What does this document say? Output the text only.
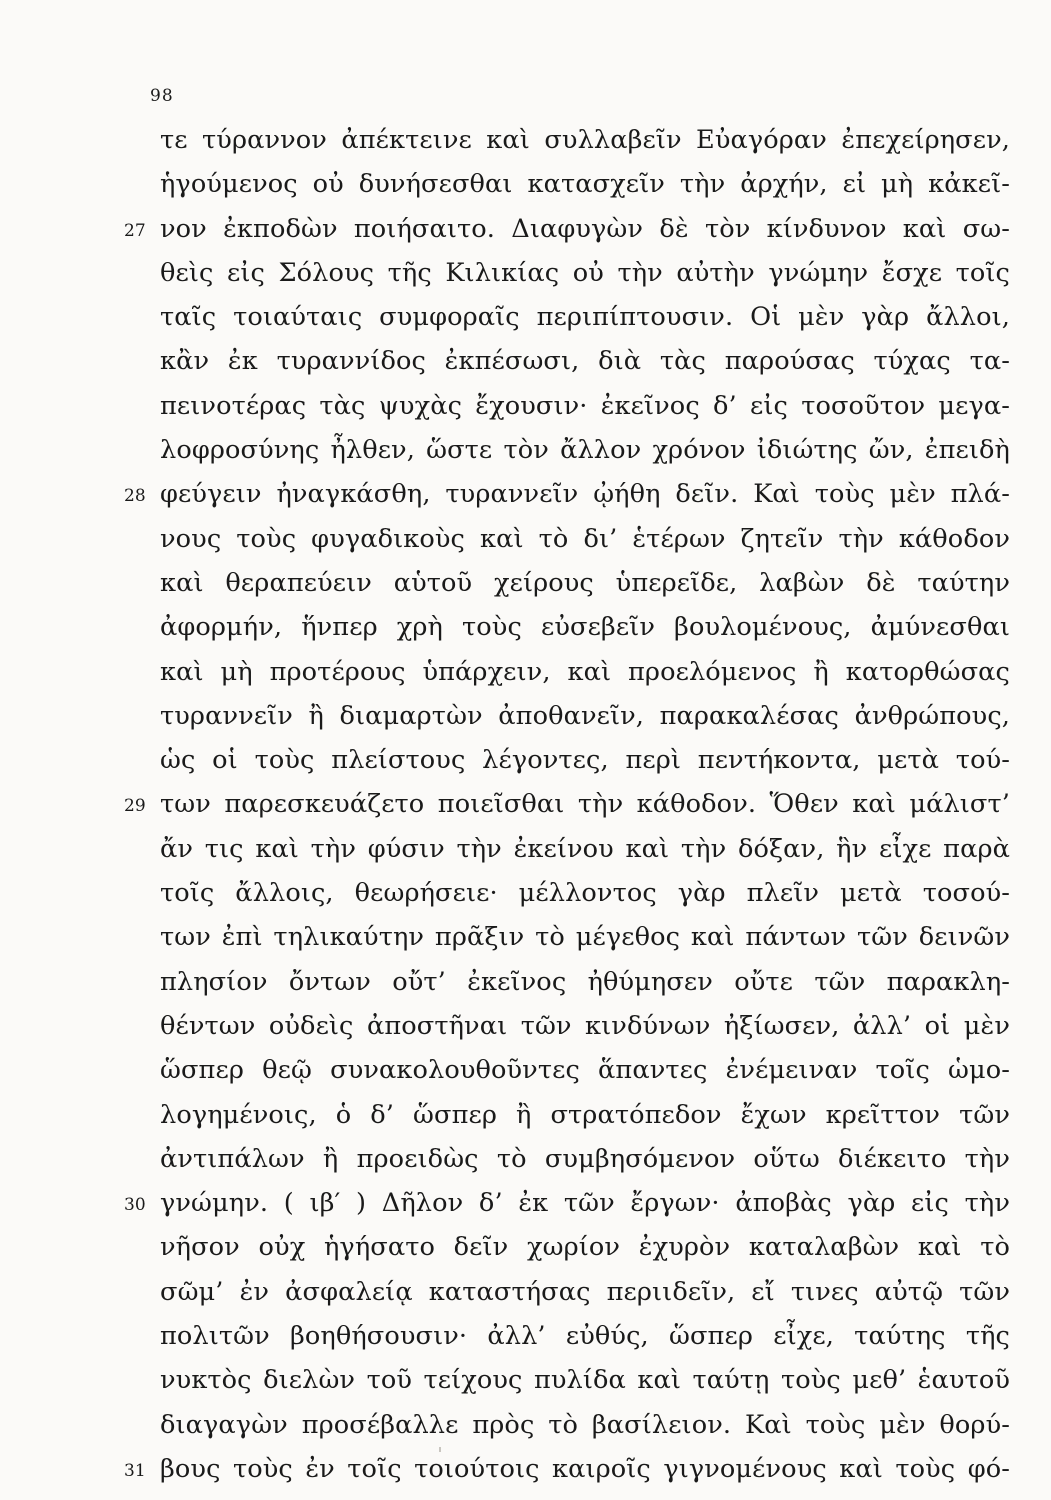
98
τε τύραννον ἀπέκτεινε καὶ συλλαβεῖν Εὐαγόραν ἐπεχείρησεν,
ἡγούμενος οὐ δυνήσεσθαι κατασχεῖν τὴν ἀρχήν, εἰ μὴ κἀκεῖ-
27 νον ἐκποδὼν ποιήσαιτο. Διαφυγὼν δὲ τὸν κίνδυνον καὶ σω-
θεὶς εἰς Σόλους τῆς Κιλικίας οὐ τὴν αὐτὴν γνώμην ἔσχε τοῖς
ταῖς τοιαύταις συμφοραῖς περιπίπτουσιν. Οἱ μὲν γὰρ ἄλλοι,
κἂν ἐκ τυραννίδος ἐκπέσωσι, διὰ τὰς παρούσας τύχας τα-
πεινοτέρας τὰς ψυχὰς ἔχουσιν· ἐκεῖνος δ’ εἰς τοσοῦτον μεγα-
λοφροσύνης ἦλθεν, ὥστε τὸν ἄλλον χρόνον ἰδιώτης ὤν, ἐπειδὴ
28 φεύγειν ἠναγκάσθη, τυραννεῖν ᾠήθη δεῖν. Καὶ τοὺς μὲν πλά-
νους τοὺς φυγαδικοὺς καὶ τὸ δι’ ἑτέρων ζητεῖν τὴν κάθοδον
καὶ θεραπεύειν αὑτοῦ χείρους ὑπερεῖδε, λαβὼν δὲ ταύτην
ἀφορμήν, ἥνπερ χρὴ τοὺς εὐσεβεῖν βουλομένους, ἀμύνεσθαι
καὶ μὴ προτέρους ὑπάρχειν, καὶ προελόμενος ἢ κατορθώσας
τυραννεῖν ἢ διαμαρτὼν ἀποθανεῖν, παρακαλέσας ἀνθρώπους,
ὡς οἱ τοὺς πλείστους λέγοντες, περὶ πεντήκοντα, μετὰ τού-
29 των παρεσκευάζετο ποιεῖσθαι τὴν κάθοδον. Ὅθεν καὶ μάλιστ’
ἄν τις καὶ τὴν φύσιν τὴν ἐκείνου καὶ τὴν δόξαν, ἣν εἶχε παρὰ
τοῖς ἄλλοις, θεωρήσειε· μέλλοντος γὰρ πλεῖν μετὰ τοσού-
των ἐπὶ τηλικαύτην πρᾶξιν τὸ μέγεθος καὶ πάντων τῶν δεινῶν
πλησίον ὄντων οὔτ’ ἐκεῖνος ἠθύμησεν οὔτε τῶν παρακλη-
θέντων οὐδεὶς ἀποστῆναι τῶν κινδύνων ἠξίωσεν, ἀλλ’ οἱ μὲν
ὥσπερ θεῷ συνακολουθοῦντες ἅπαντες ἐνέμειναν τοῖς ὡμο-
λογημένοις, ὁ δ’ ὥσπερ ἢ στρατόπεδον ἔχων κρεῖττον τῶν
ἀντιπάλων ἢ προειδὼς τὸ συμβησόμενον οὕτω διέκειτο τὴν
30 γνώμην. ( ιβ′ ) Δῆλον δ’ ἐκ τῶν ἔργων· ἀποβὰς γὰρ εἰς τὴν
νῆσον οὐχ ἡγήσατο δεῖν χωρίον ἐχυρὸν καταλαβὼν καὶ τὸ
σῶμ’ ἐν ἀσφαλείᾳ καταστήσας περιιδεῖν, εἴ τινες αὐτῷ τῶν
πολιτῶν βοηθήσουσιν· ἀλλ’ εὐθύς, ὥσπερ εἶχε, ταύτης τῆς
νυκτὸς διελὼν τοῦ τείχους πυλίδα καὶ ταύτῃ τοὺς μεθ’ ἑαυτοῦ
διαγαγὼν προσέβαλλε πρὸς τὸ βασίλειον. Καὶ τοὺς μὲν θορύ-
31 βους τοὺς ἐν τοῖς τοιούτοις καιροῖς γιγνομένους καὶ τοὺς φό-
